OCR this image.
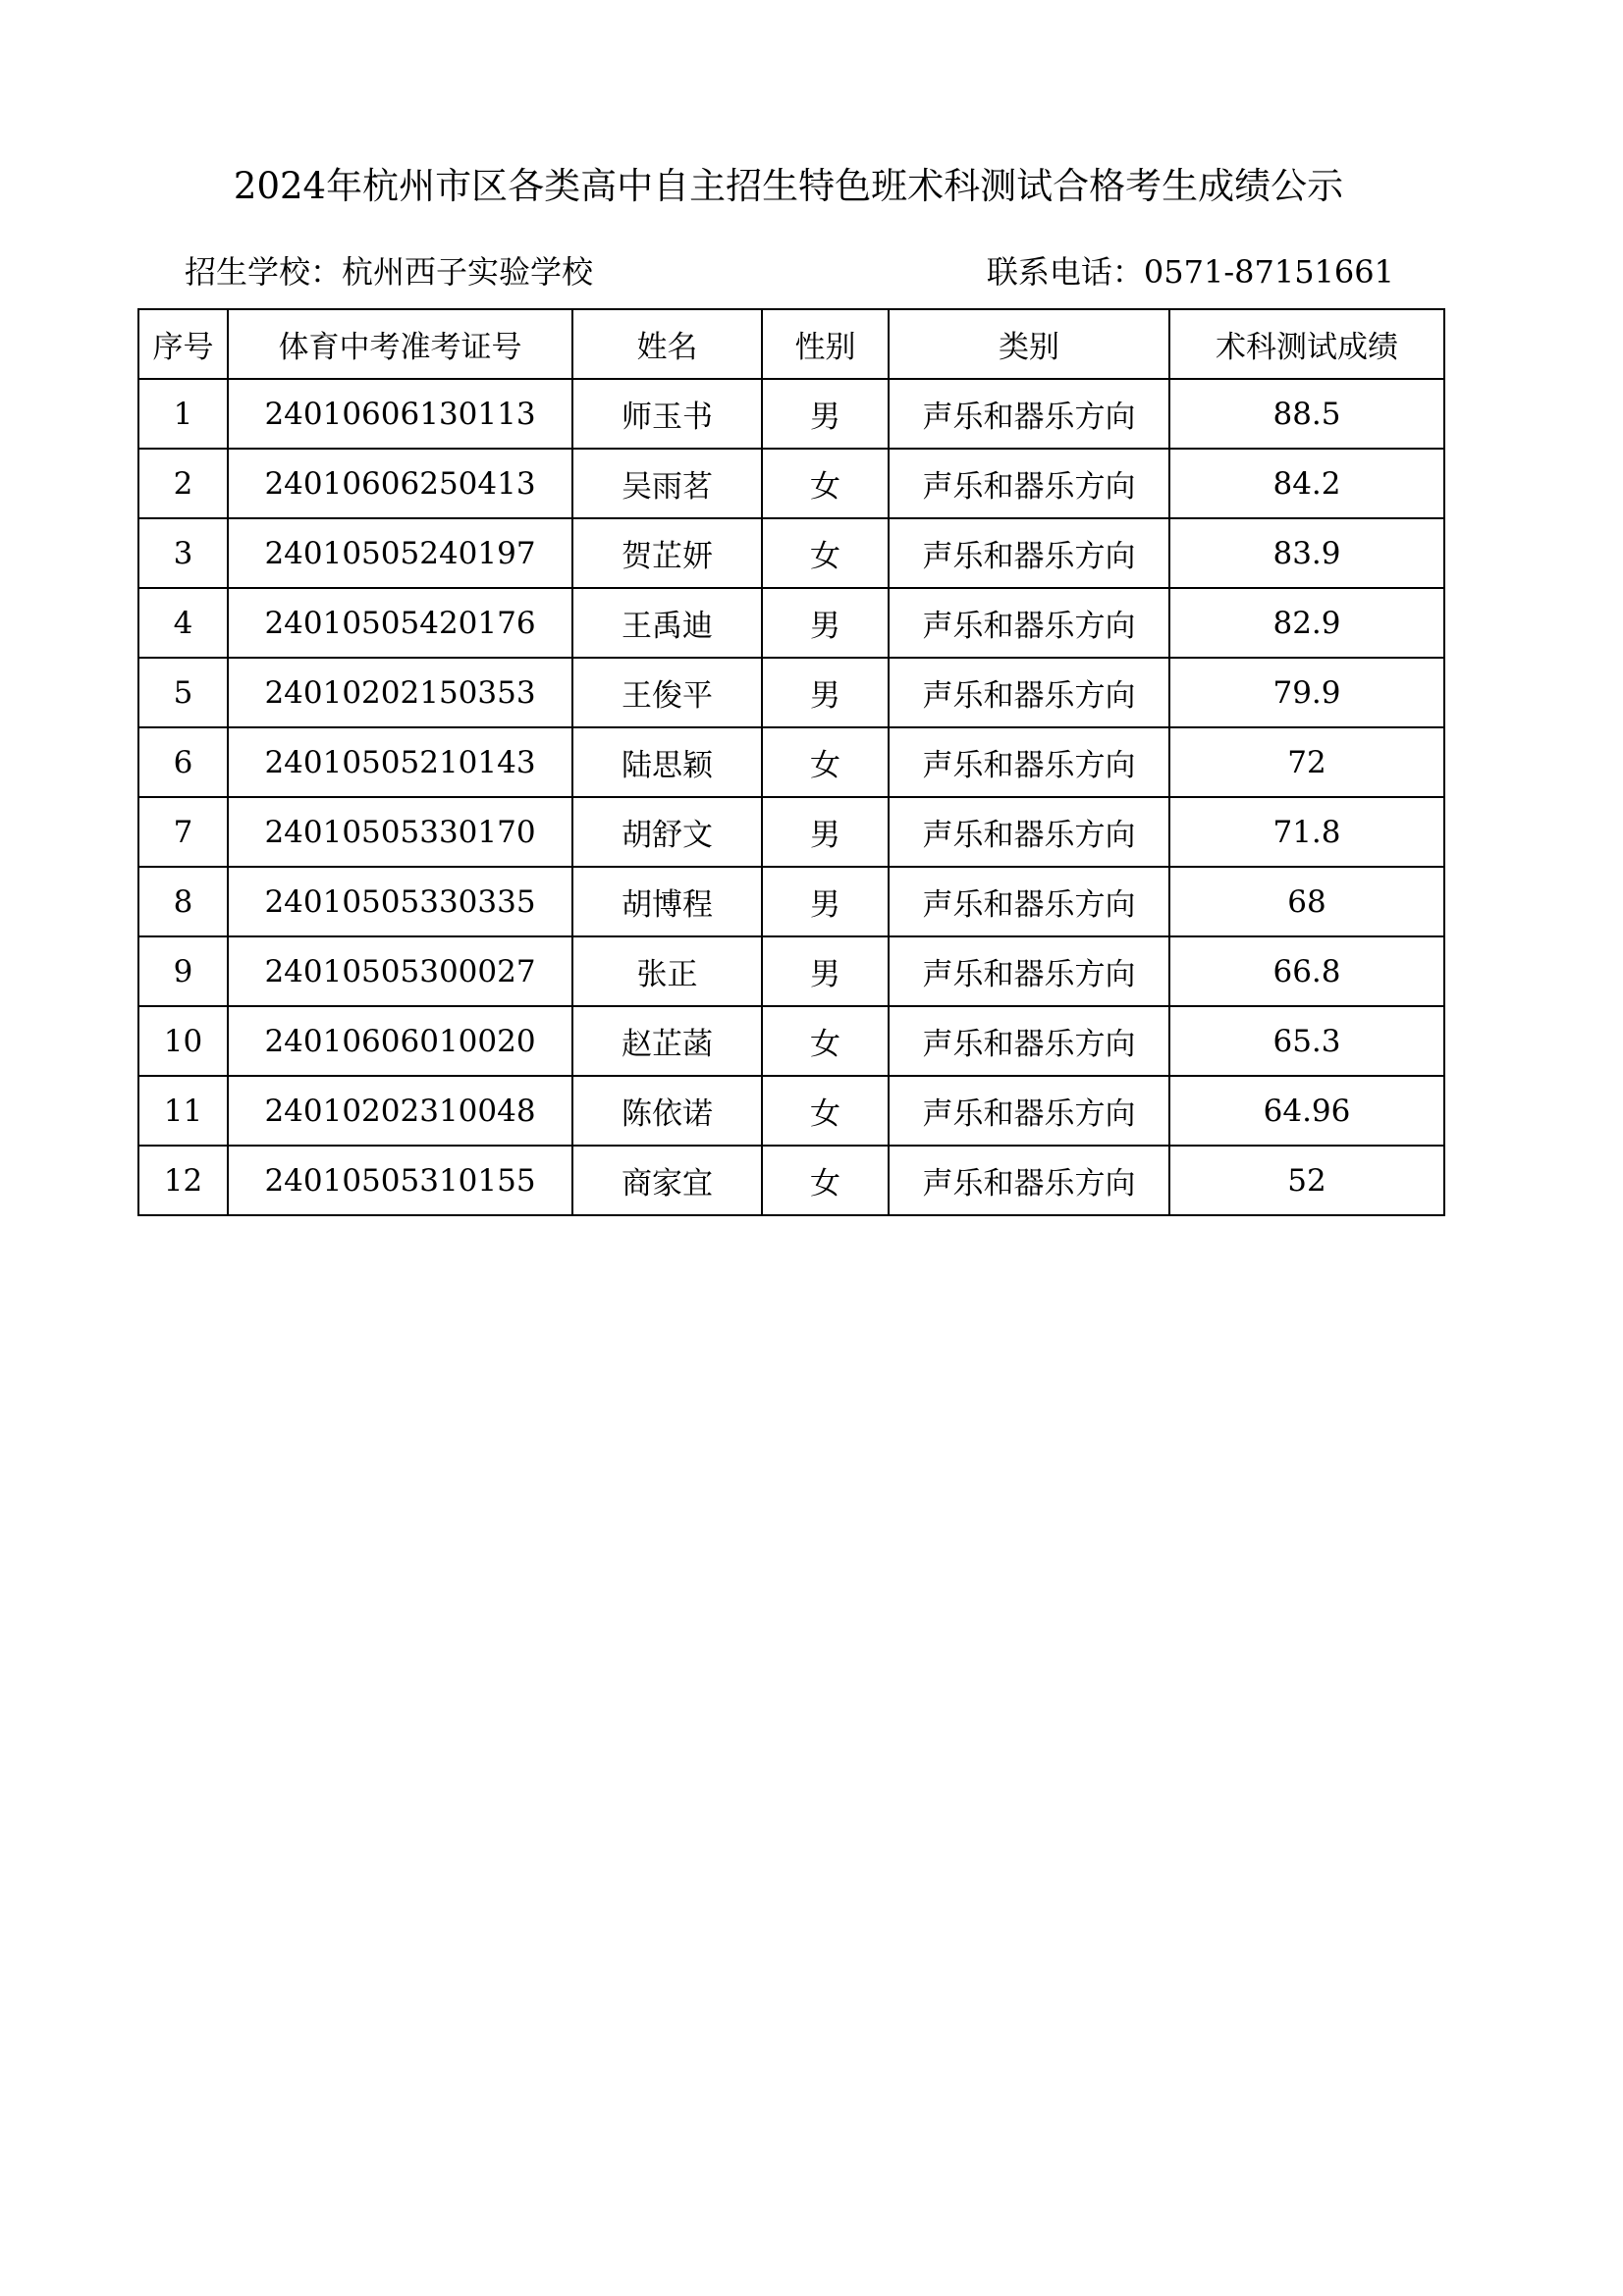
2024年杭州市区各类高中自主招生特色班术科测试合格考生成绩公示
招生学校：杭州西子实验学校	联系电话：0571-87151661
序号	体育中考准考证号	姓名	性别	类别	术科测试成绩
1	24010606130113	师玉书	男	声乐和器乐方向	88.5
2	24010606250413	吴雨茗	女	声乐和器乐方向	84.2
3	24010505240197	贺芷妍	女	声乐和器乐方向	83.9
4	24010505420176	王禹迪	男	声乐和器乐方向	82.9
5	24010202150353	王俊平	男	声乐和器乐方向	79.9
6	24010505210143	陆思颖	女	声乐和器乐方向	72
7	24010505330170	胡舒文	男	声乐和器乐方向	71.8
8	24010505330335	胡博程	男	声乐和器乐方向	68
9	24010505300027	张正	男	声乐和器乐方向	66.8
10	24010606010020	赵芷菡	女	声乐和器乐方向	65.3
11	24010202310048	陈依诺	女	声乐和器乐方向	64.96
12	24010505310155	商家宜	女	声乐和器乐方向	52
